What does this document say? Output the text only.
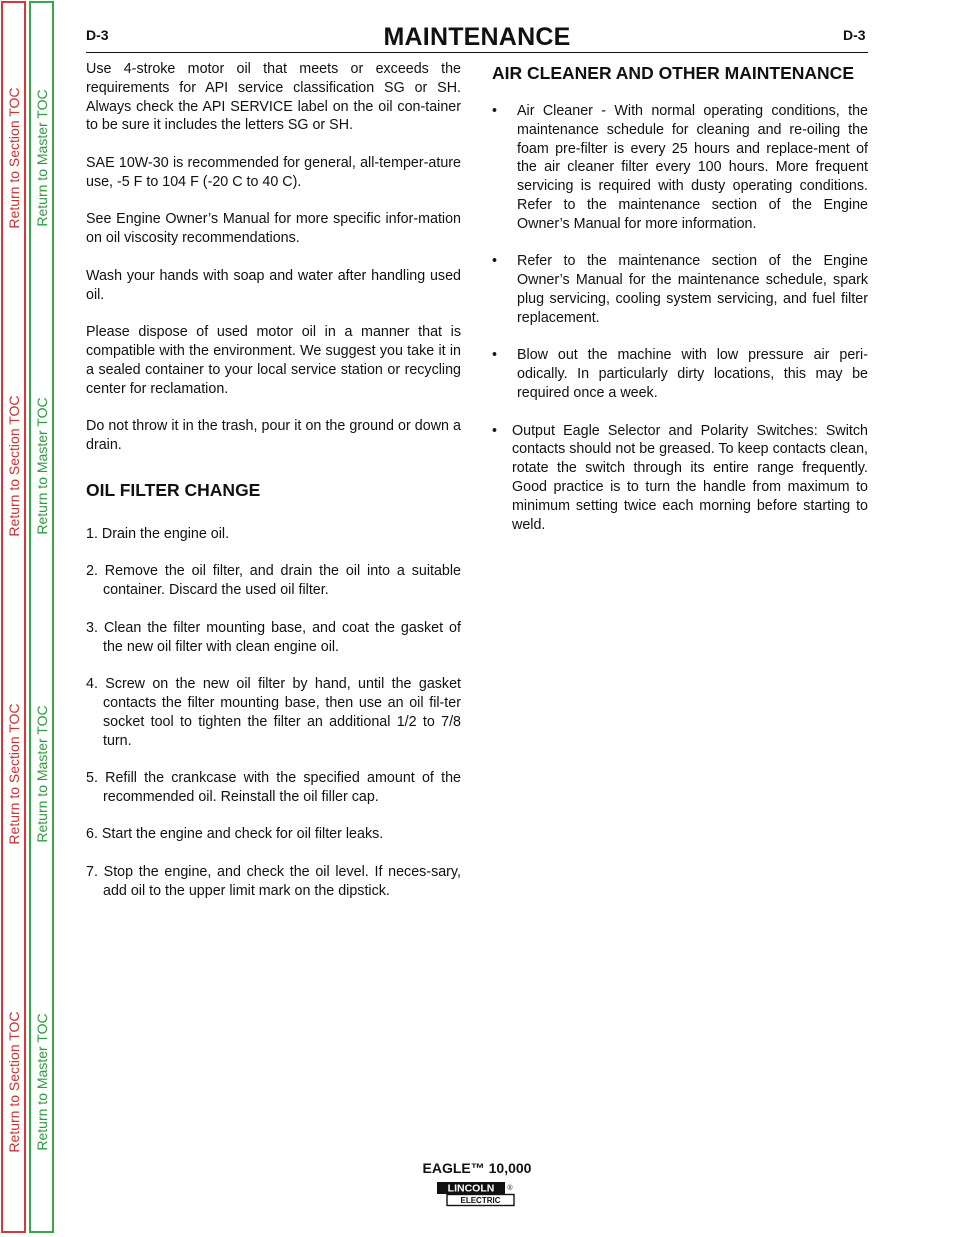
Return to Section TOC
Return to Section TOC
Return to Section TOC
Return to Section TOC
Return to Master TOC
Return to Master TOC
Return to Master TOC
Return to Master TOC
D-3	MAINTENANCE	D-3

Use 4-stroke motor oil that meets or exceeds the requirements for API service classification SG or SH. Always check the API SERVICE label on the oil con-tainer to be sure it includes the letters SG or SH.

SAE 10W-30 is recommended for general, all-temper-ature use, -5 F to 104 F (-20 C to 40 C).

See Engine Owner’s Manual for more specific infor-mation on oil viscosity recommendations.

Wash your hands with soap and water after handling used oil.

Please dispose of used motor oil in a manner that is compatible with the environment. We suggest you take it in a sealed container to your local service station or recycling center for reclamation.

Do not throw it in the trash, pour it on the ground or down a drain.

OIL FILTER CHANGE
1. Drain the engine oil.
2. Remove the oil filter, and drain the oil into a suitable container. Discard the used oil filter.
3. Clean the filter mounting base, and coat the gasket of the new oil filter with clean engine oil.
4. Screw on the new oil filter by hand, until the gasket contacts the filter mounting base, then use an oil fil-ter socket tool to tighten the filter an additional 1/2 to 7/8 turn.
5. Refill the crankcase with the specified amount of the recommended oil. Reinstall the oil filler cap.
6. Start the engine and check for oil filter leaks.
7. Stop the engine, and check the oil level. If neces-sary, add oil to the upper limit mark on the dipstick.
AIR CLEANER AND OTHER MAINTENANCE
• Air Cleaner - With normal operating conditions, the maintenance schedule for cleaning and re-oiling the foam pre-filter is every 25 hours and replace-ment of the air cleaner filter every 100 hours. More frequent servicing is required with dusty operating conditions. Refer to the maintenance section of the Engine Owner’s Manual for more information.
• Refer to the maintenance section of the Engine Owner’s Manual for the maintenance schedule, spark plug servicing, cooling system servicing, and fuel filter replacement.
• Blow out the machine with low pressure air peri-odically. In particularly dirty locations, this may be required once a week.
• Output Eagle Selector and Polarity Switches: Switch contacts should not be greased. To keep contacts clean, rotate the switch through its entire range frequently. Good practice is to turn the handle from maximum to minimum setting twice each morning before starting to weld.
EAGLE™ 10,000
LINCOLN ®
ELECTRIC
